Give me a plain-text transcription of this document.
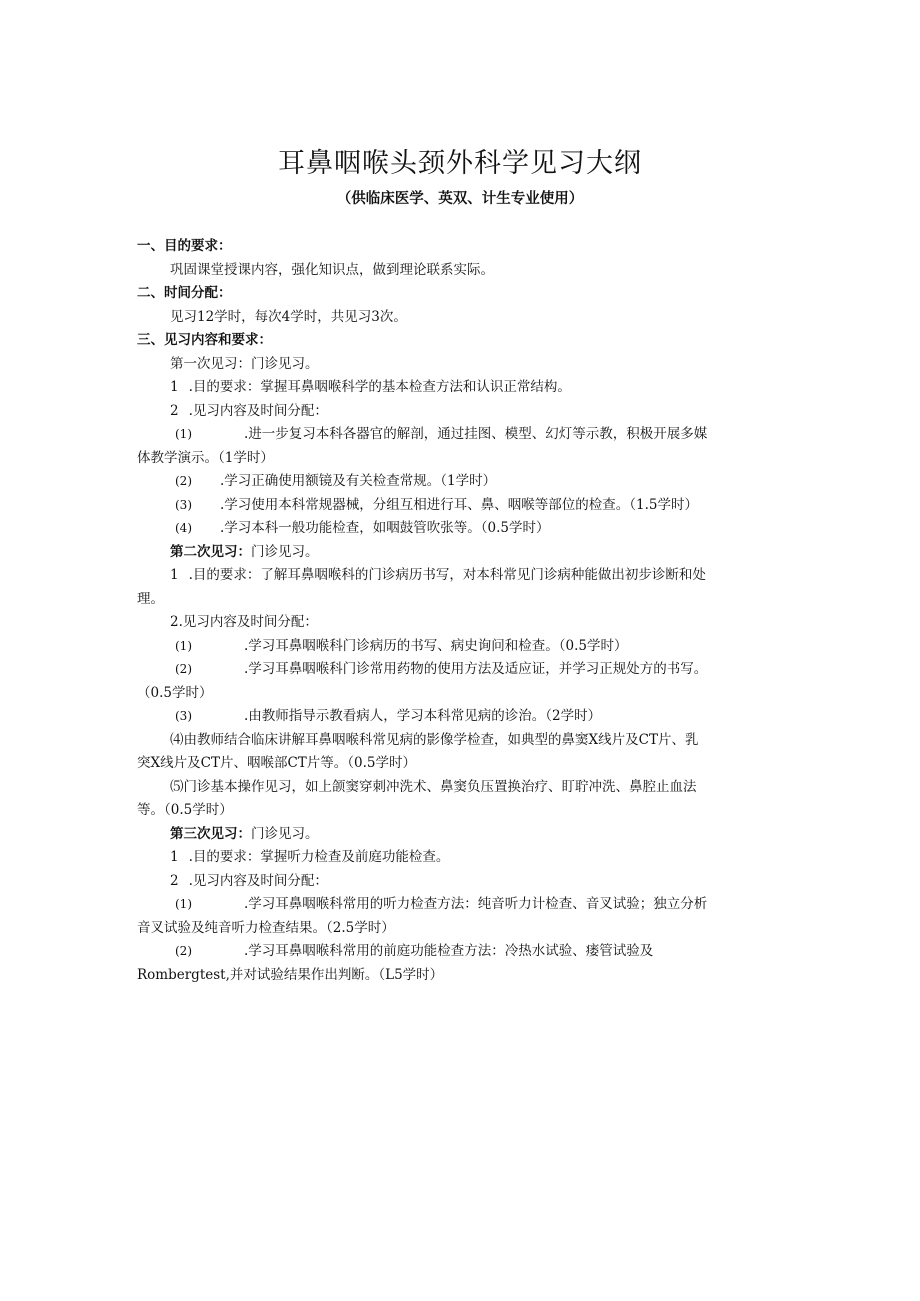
耳鼻咽喉头颈外科学见习大纲
（供临床医学、英双、计生专业使用）
一、目的要求：
巩固课堂授课内容，强化知识点，做到理论联系实际。
二、时间分配：
见习12学时，每次4学时，共见习3次。
三、见习内容和要求：
第一次见习：门诊见习。
1 .目的要求：掌握耳鼻咽喉科学的基本检查方法和认识正常结构。
2 .见习内容及时间分配：
(1)	.进一步复习本科各器官的解剖，通过挂图、模型、幻灯等示教，积极开展多媒
体教学演示。（1学时）
(2) .学习正确使用额镜及有关检查常规。（1学时）
(3) .学习使用本科常规器械，分组互相进行耳、鼻、咽喉等部位的检查。（1.5学时）
(4) .学习本科一般功能检查，如咽鼓管吹张等。（0.5学时）
第二次见习：门诊见习。
1 .目的要求：了解耳鼻咽喉科的门诊病历书写，对本科常见门诊病种能做出初步诊断和处
理。
2.见习内容及时间分配：
(1)	.学习耳鼻咽喉科门诊病历的书写、病史询问和检查。（0.5学时）
(2)	.学习耳鼻咽喉科门诊常用药物的使用方法及适应证，并学习正规处方的书写。
（0.5学时）
(3)	.由教师指导示教看病人，学习本科常见病的诊治。（2学时）
⑷由教师结合临床讲解耳鼻咽喉科常见病的影像学检查，如典型的鼻窦X线片及CT片、乳
突X线片及CT片、咽喉部CT片等。（0.5学时）
⑸门诊基本操作见习，如上颌窦穿刺冲洗术、鼻窦负压置换治疗、盯聍冲洗、鼻腔止血法
等。（0.5学时）
第三次见习：门诊见习。
1 .目的要求：掌握听力检查及前庭功能检查。
2 .见习内容及时间分配：
(1)	.学习耳鼻咽喉科常用的听力检查方法：纯音听力计检查、音叉试验；独立分析
音叉试验及纯音听力检查结果。（2.5学时）
(2)	.学习耳鼻咽喉科常用的前庭功能检查方法：冷热水试验、瘘管试验及
Rombergtest,并对试验结果作出判断。（L5学时）
